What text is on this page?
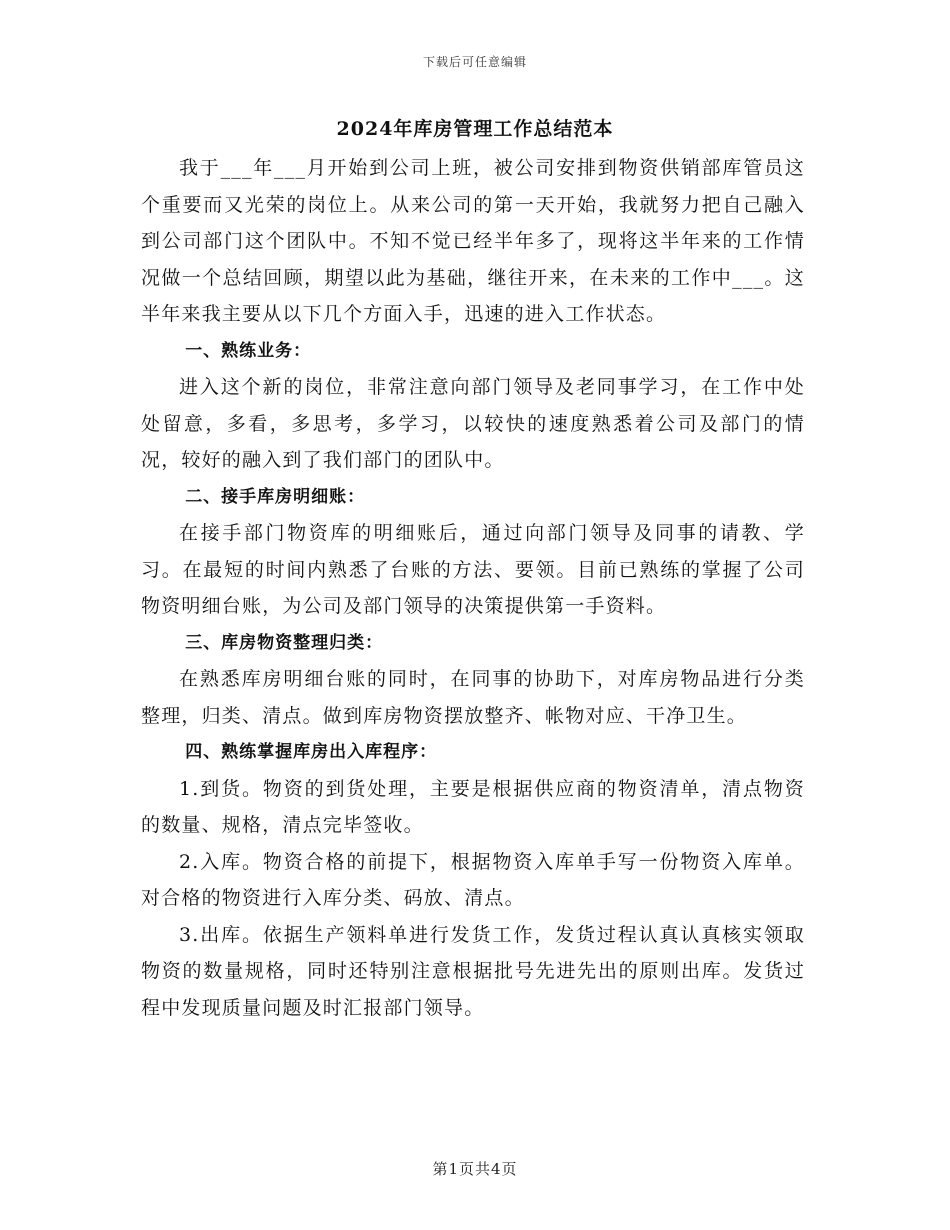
下载后可任意编辑
2024年库房管理工作总结范本

我于___年___月开始到公司上班，被公司安排到物资供销部库管员这个重要而又光荣的岗位上。从来公司的第一天开始，我就努力把自己融入到公司部门这个团队中。不知不觉已经半年多了，现将这半年来的工作情况做一个总结回顾，期望以此为基础，继往开来，在未来的工作中___。这半年来我主要从以下几个方面入手，迅速的进入工作状态。

一、熟练业务：

进入这个新的岗位，非常注意向部门领导及老同事学习，在工作中处处留意，多看，多思考，多学习，以较快的速度熟悉着公司及部门的情况，较好的融入到了我们部门的团队中。

二、接手库房明细账：

在接手部门物资库的明细账后，通过向部门领导及同事的请教、学习。在最短的时间内熟悉了台账的方法、要领。目前已熟练的掌握了公司物资明细台账，为公司及部门领导的决策提供第一手资料。

三、库房物资整理归类：

在熟悉库房明细台账的同时，在同事的协助下，对库房物品进行分类整理，归类、清点。做到库房物资摆放整齐、帐物对应、干净卫生。

四、熟练掌握库房出入库程序：

1.到货。物资的到货处理，主要是根据供应商的物资清单，清点物资的数量、规格，清点完毕签收。

2.入库。物资合格的前提下，根据物资入库单手写一份物资入库单。对合格的物资进行入库分类、码放、清点。

3.出库。依据生产领料单进行发货工作，发货过程认真认真核实领取物资的数量规格，同时还特别注意根据批号先进先出的原则出库。发货过程中发现质量问题及时汇报部门领导。

第1页共4页
